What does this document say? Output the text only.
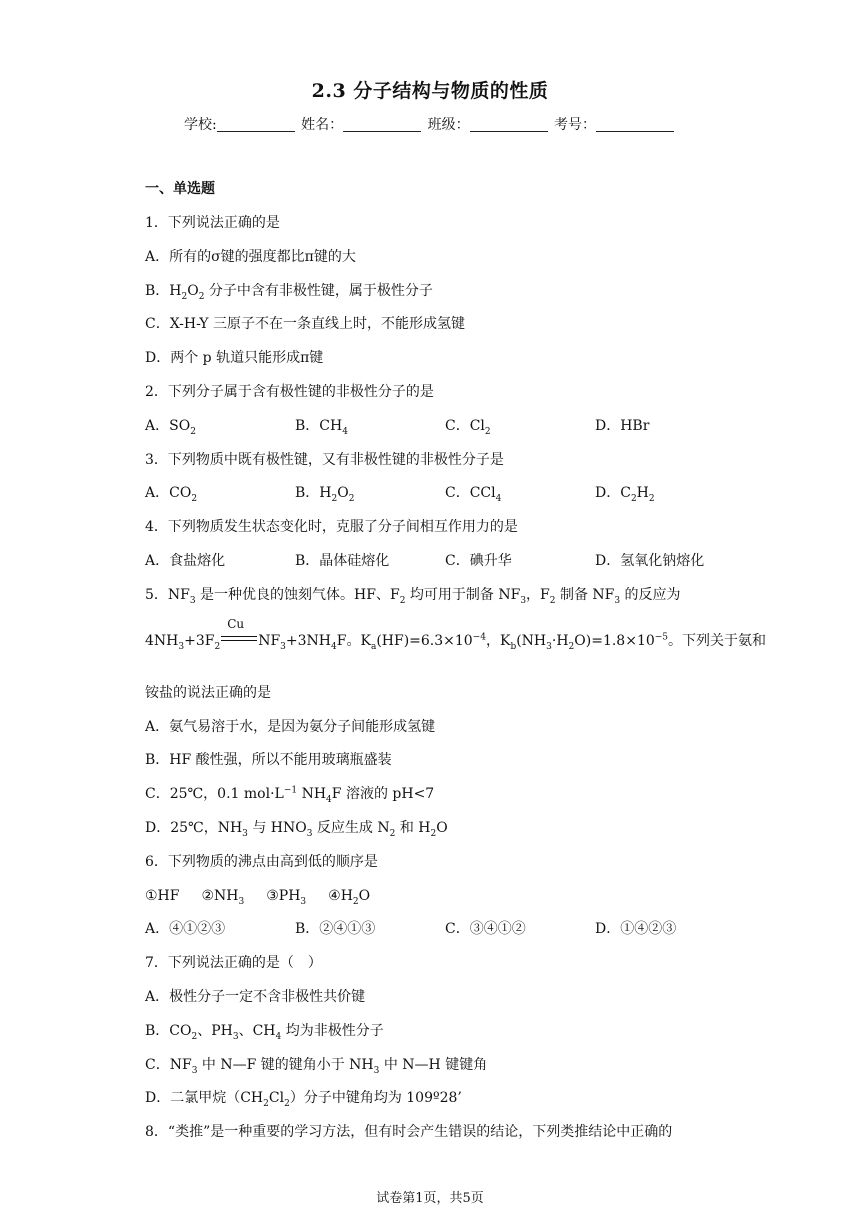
2.3 分子结构与物质的性质
学校:	姓名：	班级：	考号：
一、单选题
1．下列说法正确的是
A．所有的σ键的强度都比π键的大
B．$H_2O_2$ 分子中含有非极性键，属于极性分子
C．X-H-Y 三原子不在一条直线上时，不能形成氢键
D．两个 p 轨道只能形成π键
2．下列分子属于含有极性键的非极性分子的是
A．$SO_2$	B．$CH_4$	C．$Cl_2$	D．HBr
3．下列物质中既有极性键，又有非极性键的非极性分子是
A．$CO_2$	B．$H_2O_2$	C．CCl$_4$	D．$C_2H_2$
4．下列物质发生状态变化时，克服了分子间相互作用力的是
A．食盐熔化	B．晶体硅熔化	C．碘升华	D．氢氧化钠熔化
5．$NF_3$ 是一种优良的蚀刻气体。HF、$F_2$ 均可用于制备 $NF_3$，$F_2$ 制备 $NF_3$ 的反应为
$4NH_3+3F_2$
Cu
$NF_3+3NH_4F$。$K_a(HF)=6.3\times 10^{-4}$，$K_b(NH_3\cdot H_2O)=1.8\times 10^{-5}$。下列关于氨和
铵盐的说法正确的是
A．氨气易溶于水，是因为氨分子间能形成氢键
B．HF 酸性强，所以不能用玻璃瓶盛装
C．25℃，0.1 $mol\cdot L^{-1}$ $NH_4F$ 溶液的 pH<7
D．25℃，$NH_3$ 与 $HNO_3$ 反应生成 $N_2$ 和 $H_2O$
6．下列物质的沸点由高到低的顺序是
①HF $②NH_3$ $③PH_3$ $④H_2O$
A．④①②③	B．②④①③	C．③④①②	D．①④②③
7．下列说法正确的是（　）
A．极性分子一定不含非极性共价键
B．$CO_2$、$PH_3$、$CH_4$ 均为非极性分子
C．$NF_3$ 中 N—F 键的键角小于 $NH_3$ 中 N—H 键键角
D．二氯甲烷$(CH_2Cl_2)$分子中键角均为 109º28’
8．“类推”是一种重要的学习方法，但有时会产生错误的结论，下列类推结论中正确的
试卷第1页，共5页
